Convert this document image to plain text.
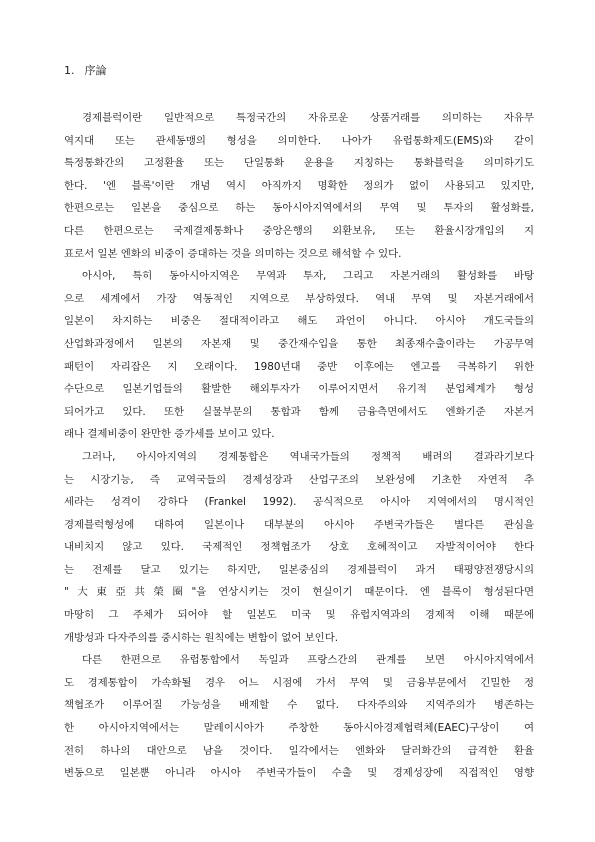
1. 序論
경제블럭이란 일반적으로 특정국간의 자유로운 상품거래를 의미하는 자유무
역지대 또는 관세동맹의 형성을 의미한다. 나아가 유럽통화제도(EMS)와 같이
특정통화간의 고정환율 또는 단일통화 운용을 지칭하는 통화블럭을 의미하기도
한다. '엔 블록'이란 개념 역시 아직까지 명확한 정의가 없이 사용되고 있지만,
한편으로는 일본을 중심으로 하는 동아시아지역에서의 무역 및 투자의 활성화를,
다른 한편으로는 국제결제통화나 중앙은행의 외환보유, 또는 환율시장개입의 지
표로서 일본 엔화의 비중이 증대하는 것을 의미하는 것으로 해석할 수 있다.
아시아, 특히 동아시아지역은 무역과 투자, 그리고 자본거래의 활성화를 바탕
으로 세계에서 가장 역동적인 지역으로 부상하였다. 역내 무역 및 자본거래에서
일본이 차지하는 비중은 절대적이라고 해도 과언이 아니다. 아시아 개도국들의
산업화과정에서 일본의 자본재 및 중간재수입을 통한 최종재수출이라는 가공무역
패턴이 자리잡은 지 오래이다. 1980년대 중반 이후에는 엔고를 극복하기 위한
수단으로 일본기업들의 활발한 해외투자가 이루어지면서 유기적 분업체계가 형성
되어가고 있다. 또한 실물부문의 통합과 함께 금융측면에서도 엔화기준 자본거
래나 결제비중이 완만한 증가세를 보이고 있다.
그러나, 아시아지역의 경제통합은 역내국가들의 정책적 배려의 결과라기보다
는 시장기능, 즉 교역국들의 경제성장과 산업구조의 보완성에 기초한 자연적 추
세라는 성격이 강하다 (Frankel 1992). 공식적으로 아시아 지역에서의 명시적인
경제블럭형성에 대하여 일본이나 대부분의 아시아 주변국가들은 별다른 관심을
내비치지 않고 있다. 국제적인 정책협조가 상호 호혜적이고 자발적이어야 한다
는 전제를 달고 있기는 하지만, 일본중심의 경제블럭이 과거 태평양전쟁당시의
"大東亞共榮圈"을 연상시키는 것이 현실이기 때문이다. 엔 블록이 형성된다면
마땅히 그 주체가 되어야 할 일본도 미국 및 유럽지역과의 경제적 이해 때문에
개방성과 다자주의를 중시하는 원칙에는 변함이 없어 보인다.
다른 한편으로 유럽통합에서 독일과 프랑스간의 관계를 보면 아시아지역에서
도 경제통합이 가속화될 경우 어느 시점에 가서 무역 및 금융부문에서 긴밀한 정
책협조가 이루어질 가능성을 배제할 수 없다. 다자주의와 지역주의가 병존하는
한 아시아지역에서는 말레이시아가 주창한 동아시아경제협력체(EAEC)구상이 여
전히 하나의 대안으로 남을 것이다. 일각에서는 엔화와 달러화간의 급격한 환율
변동으로 일본뿐 아니라 아시아 주변국가들이 수출 및 경제성장에 직접적인 영향
